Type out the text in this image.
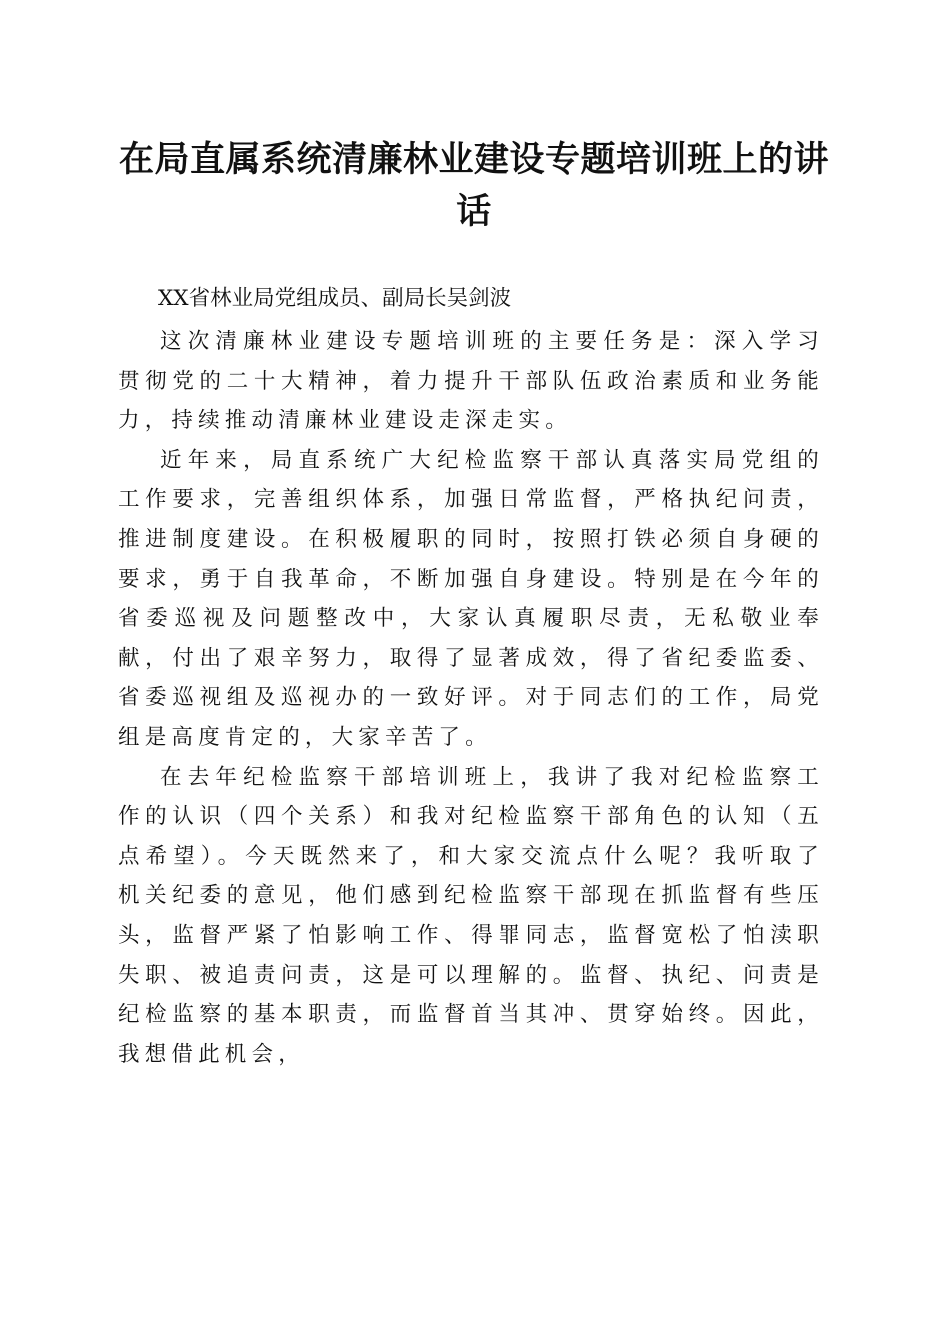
在局直属系统清廉林业建设专题培训班上的讲话

XX省林业局党组成员、副局长吴剑波

这次清廉林业建设专题培训班的主要任务是：深入学习贯彻党的二十大精神，着力提升干部队伍政治素质和业务能力，持续推动清廉林业建设走深走实。

近年来，局直系统广大纪检监察干部认真落实局党组的工作要求，完善组织体系，加强日常监督，严格执纪问责，推进制度建设。在积极履职的同时，按照打铁必须自身硬的要求，勇于自我革命，不断加强自身建设。特别是在今年的省委巡视及问题整改中，大家认真履职尽责，无私敬业奉献，付出了艰辛努力，取得了显著成效，得了省纪委监委、省委巡视组及巡视办的一致好评。对于同志们的工作，局党组是高度肯定的，大家辛苦了。

在去年纪检监察干部培训班上，我讲了我对纪检监察工作的认识（四个关系）和我对纪检监察干部角色的认知（五点希望）。今天既然来了，和大家交流点什么呢？我听取了机关纪委的意见，他们感到纪检监察干部现在抓监督有些压头，监督严紧了怕影响工作、得罪同志，监督宽松了怕渎职失职、被追责问责，这是可以理解的。监督、执纪、问责是纪检监察的基本职责，而监督首当其冲、贯穿始终。因此，我想借此机会，
